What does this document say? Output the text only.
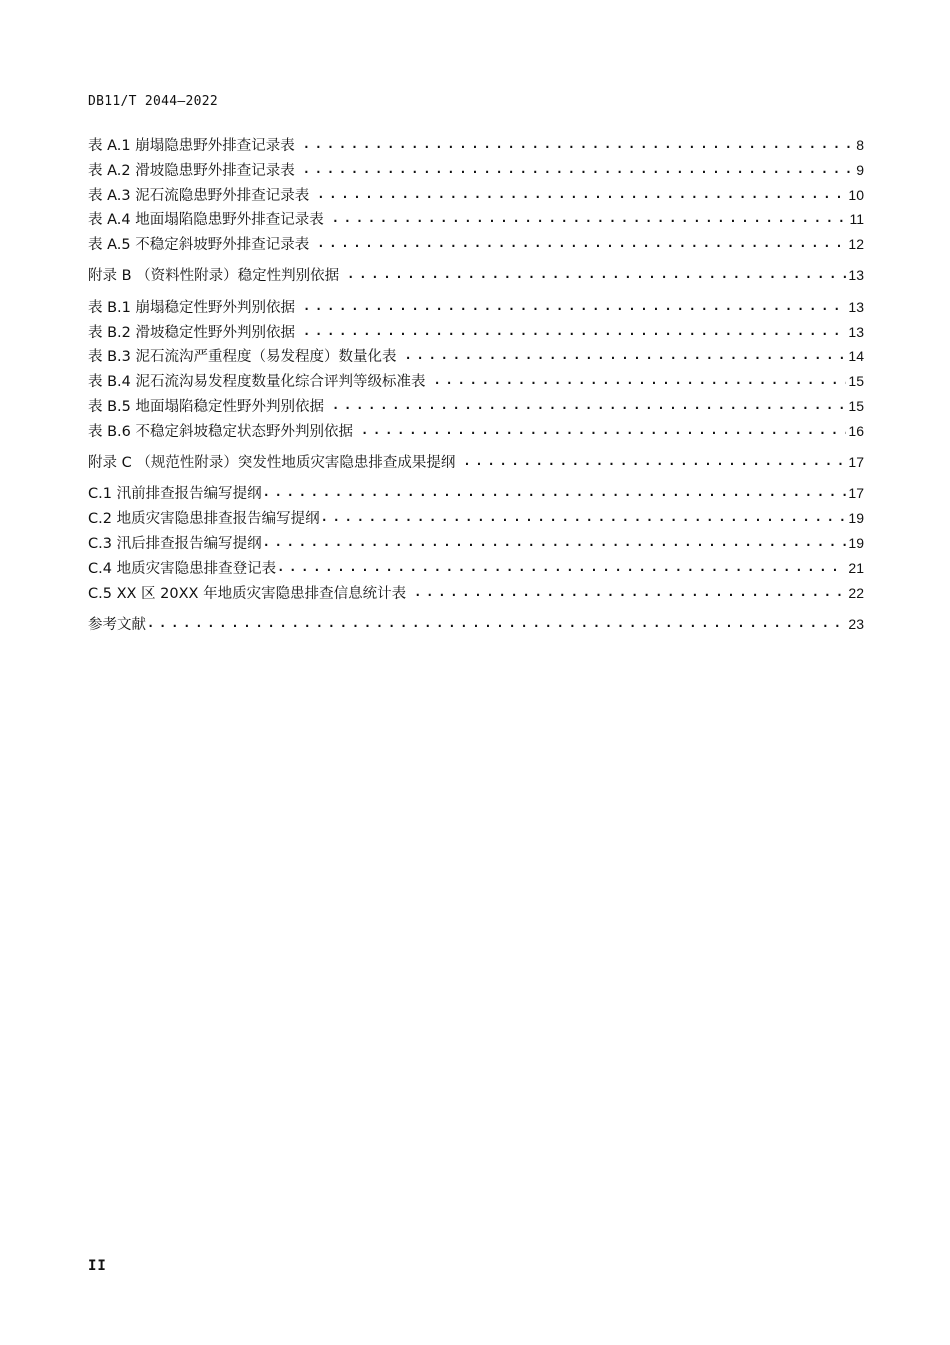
DB11/T 2044—2022
表 A.1 崩塌隐患野外排查记录表 . . .	8
表 A.2 滑坡隐患野外排查记录表 . . .	9
表 A.3 泥石流隐患野外排查记录表 . . .	10
表 A.4 地面塌陷隐患野外排查记录表 . . .	11
表 A.5 不稳定斜坡野外排查记录表 . . .	12
附录 B （资料性附录）稳定性判别依据 . . .	13
表 B.1 崩塌稳定性野外判别依据 . . .	13
表 B.2 滑坡稳定性野外判别依据 . . .	13
表 B.3 泥石流沟严重程度（易发程度）数量化表 . . .	14
表 B.4 泥石流沟易发程度数量化综合评判等级标准表 . . .	15
表 B.5 地面塌陷稳定性野外判别依据 . . .	15
表 B.6 不稳定斜坡稳定状态野外判别依据 . . .	16
附录 C （规范性附录）突发性地质灾害隐患排查成果提纲 . . .	17
C.1 汛前排查报告编写提纲 . . .	17
C.2 地质灾害隐患排查报告编写提纲 . . .	19
C.3 汛后排查报告编写提纲 . . .	19
C.4 地质灾害隐患排查登记表 . . .	21
C.5 XX 区 20XX 年地质灾害隐患排查信息统计表 . . .	22
参考文献 . . .	23
II
